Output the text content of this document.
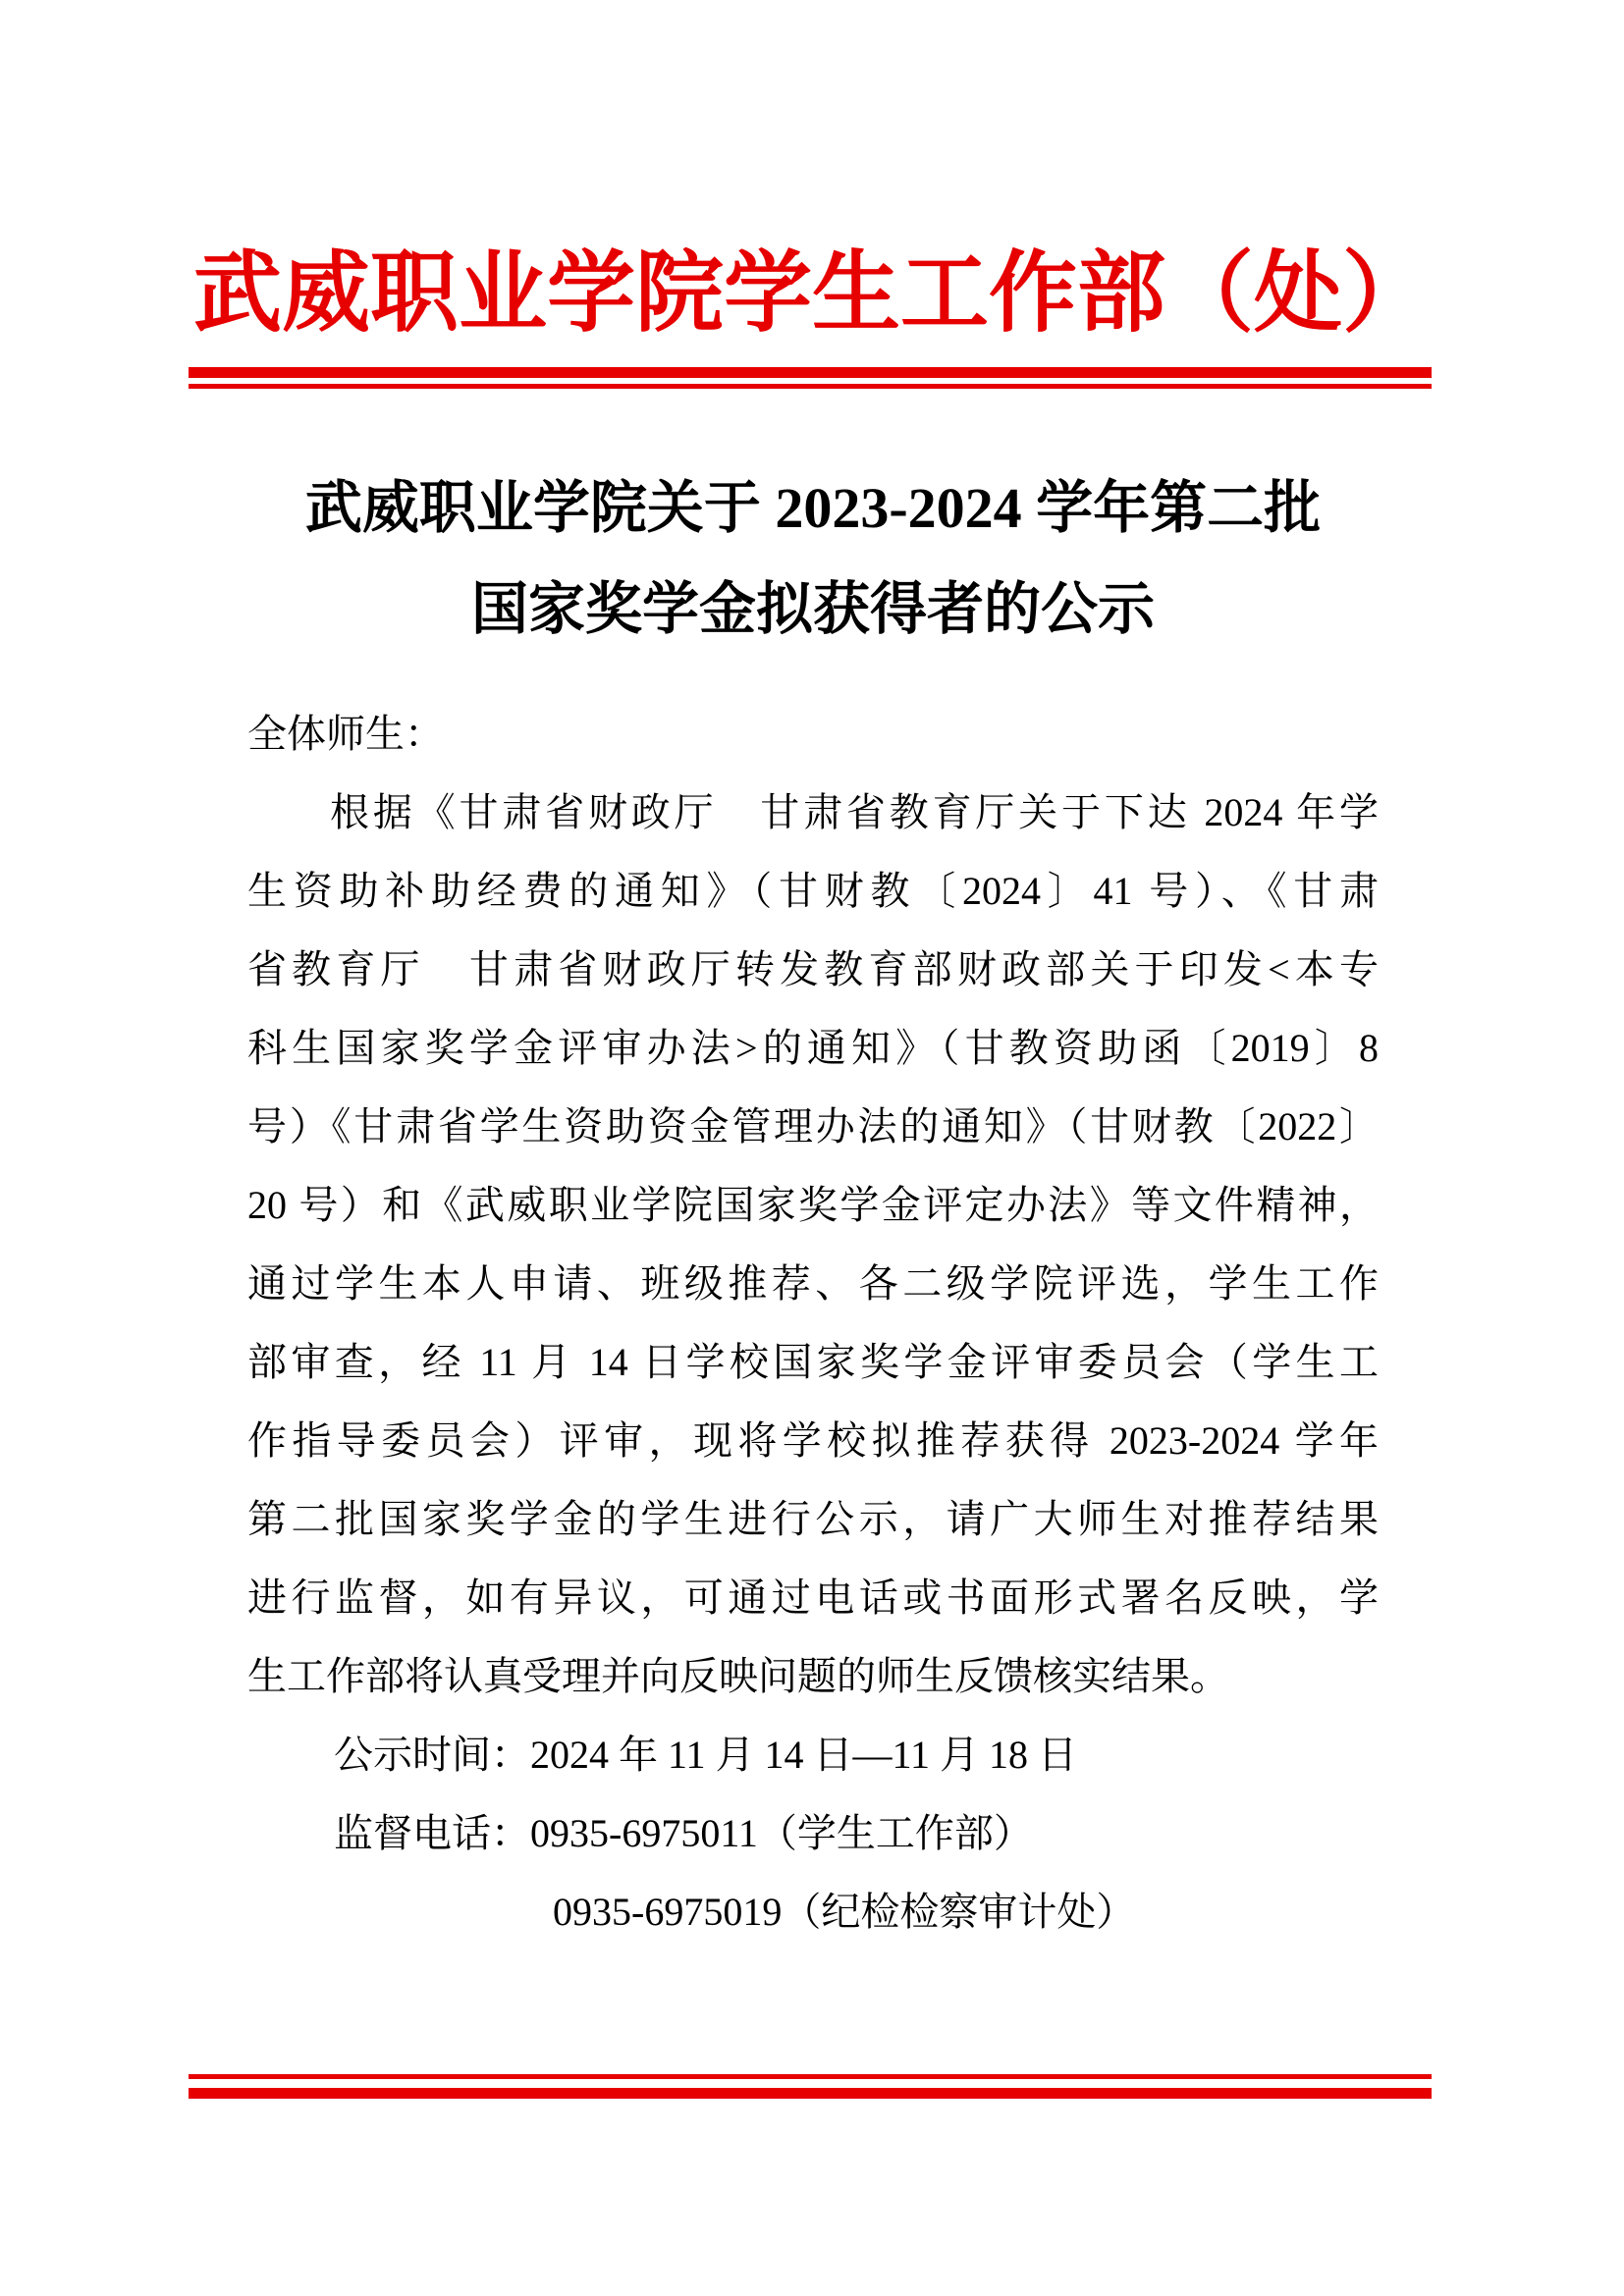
武威职业学院学生工作部（处）
武威职业学院关于 2023-2024 学年第二批
国家奖学金拟获得者的公示
全体师生：
根据《甘肃省财政厅　甘肃省教育厅关于下达 2024 年学
生资助补助经费的通知》（甘财教〔2024〕41 号）、《甘肃
省教育厅　甘肃省财政厅转发教育部财政部关于印发<本专
科生国家奖学金评审办法>的通知》（甘教资助函〔2019〕8
号）《甘肃省学生资助资金管理办法的通知》（甘财教〔2022〕
20 号）和《武威职业学院国家奖学金评定办法》等文件精神，
通过学生本人申请、班级推荐、各二级学院评选，学生工作
部审查，经 11 月 14 日学校国家奖学金评审委员会（学生工
作指导委员会）评审，现将学校拟推荐获得 2023-2024 学年
第二批国家奖学金的学生进行公示，请广大师生对推荐结果
进行监督，如有异议，可通过电话或书面形式署名反映，学
生工作部将认真受理并向反映问题的师生反馈核实结果。
公示时间：2024 年 11 月 14 日—11 月 18 日
监督电话：0935-6975011（学生工作部）
0935-6975019（纪检检察审计处）
